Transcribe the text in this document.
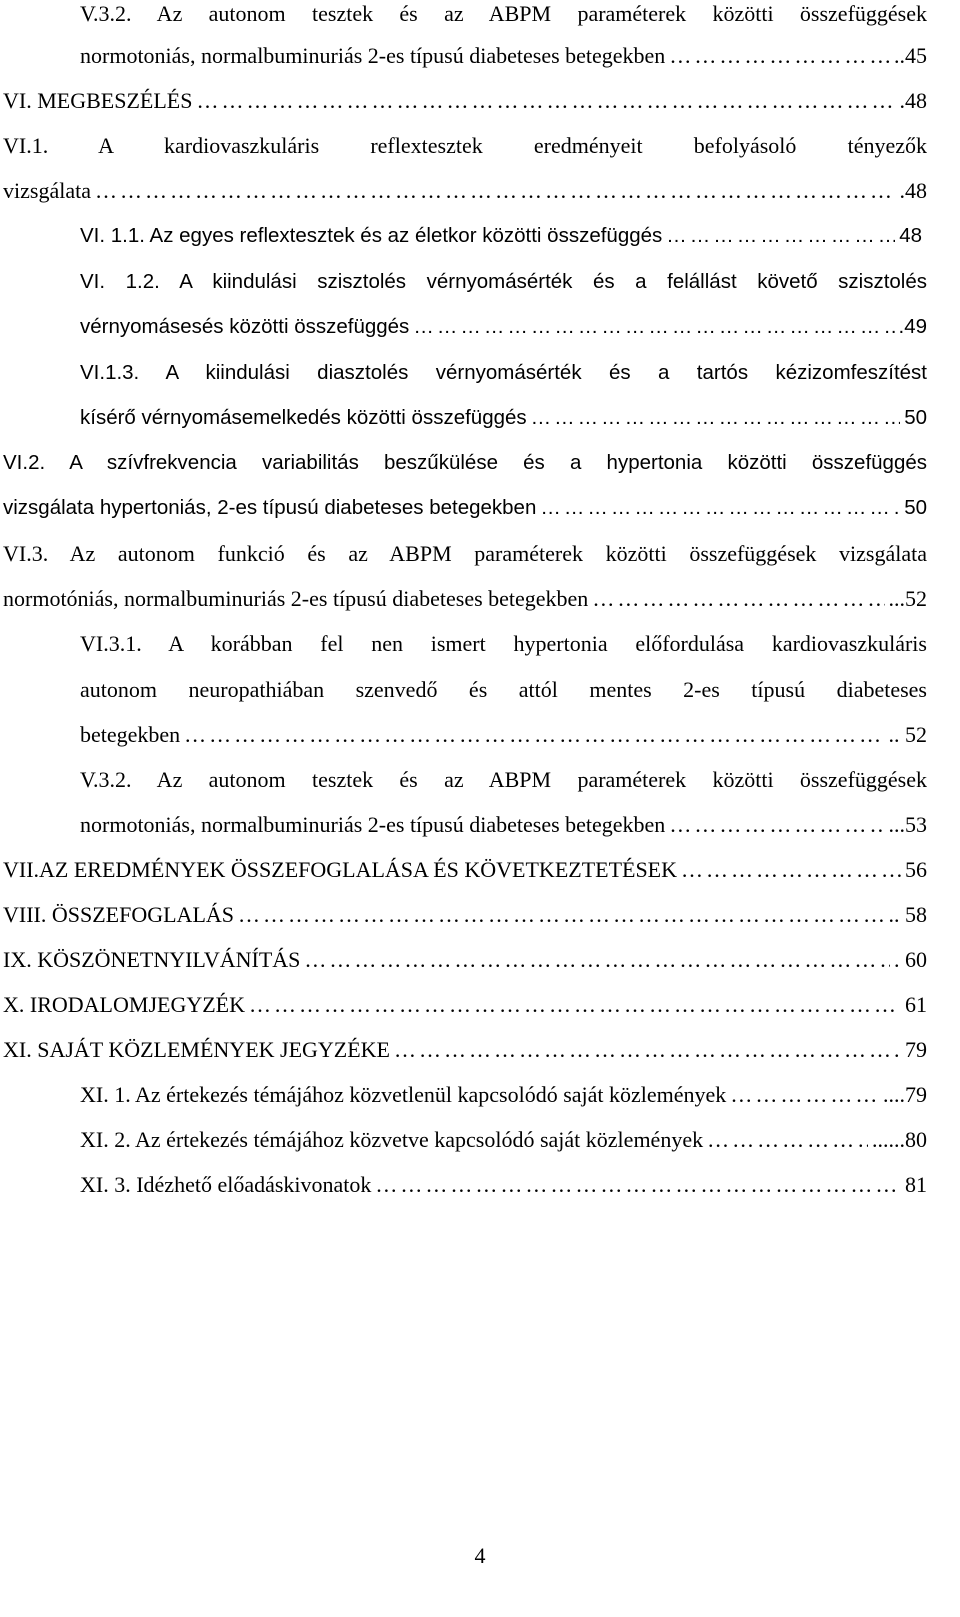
V.3.2. Az autonom tesztek és az ABPM paraméterek közötti összefüggések
normotoniás, normalbuminuriás 2-es típusú diabeteses betegekben …………………………………………………………………………………………………………………………………………………………………………………………	..45
VI. MEGBESZÉLÉS …………………………………………………………………………………………………………………………………………………………………………………………	.48
VI.1. A kardiovaszkuláris reflextesztek eredményeit befolyásoló tényezők
vizsgálata …………………………………………………………………………………………………………………………………………………………………………………………	.48
VI. 1.1. Az egyes reflextesztek és az életkor közötti összefüggés …………………………………………………………………………………………………………………………………………………………………………………………	48
VI. 1.2. A kiindulási szisztolés vérnyomásérték és a felállást követő szisztolés
vérnyomásesés közötti összefüggés …………………………………………………………………………………………………………………………………………………………………………………………	.49
VI.1.3. A kiindulási diasztolés vérnyomásérték és a tartós kézizomfeszítést
kísérő vérnyomásemelkedés közötti összefüggés …………………………………………………………………………………………………………………………………………………………………………………………	50
VI.2. A szívfrekvencia variabilitás beszűkülése és a hypertonia közötti összefüggés
vizsgálata hypertoniás, 2-es típusú diabeteses betegekben …………………………………………………………………………………………………………………………………………………………………………………………	50
VI.3. Az autonom funkció és az ABPM paraméterek közötti összefüggések vizsgálata
normotóniás, normalbuminuriás 2-es típusú diabeteses betegekben …………………………………………………………………………………………………………………………………………………………………………………………	...52
VI.3.1. A korábban fel nen ismert hypertonia előfordulása kardiovaszkuláris
autonom neuropathiában szenvedő és attól mentes 2-es típusú diabeteses
betegekben …………………………………………………………………………………………………………………………………………………………………………………………	.. 52
V.3.2. Az autonom tesztek és az ABPM paraméterek közötti összefüggések
normotoniás, normalbuminuriás 2-es típusú diabeteses betegekben …………………………………………………………………………………………………………………………………………………………………………………………	...53
VII.AZ EREDMÉNYEK ÖSSZEFOGLALÁSA ÉS KÖVETKEZTETÉSEK …………………………………………………………………………………………………………………………………………………………………………………………	56
VIII. ÖSSZEFOGLALÁS …………………………………………………………………………………………………………………………………………………………………………………………	.. 58
IX. KÖSZÖNETNYILVÁNÍTÁS …………………………………………………………………………………………………………………………………………………………………………………………	. 60
X. IRODALOMJEGYZÉK …………………………………………………………………………………………………………………………………………………………………………………………	61
XI. SAJÁT KÖZLEMÉNYEK JEGYZÉKE …………………………………………………………………………………………………………………………………………………………………………………………	. 79
XI. 1. Az értekezés témájához közvetlenül kapcsolódó saját közlemények …………………………………………………………………………………………………………………………………………………………………………………………	....79
XI. 2. Az értekezés témájához közvetve kapcsolódó saját közlemények …………………………………………………………………………………………………………………………………………………………………………………………	......80
XI. 3. Idézhető előadáskivonatok …………………………………………………………………………………………………………………………………………………………………………………………	81
4
